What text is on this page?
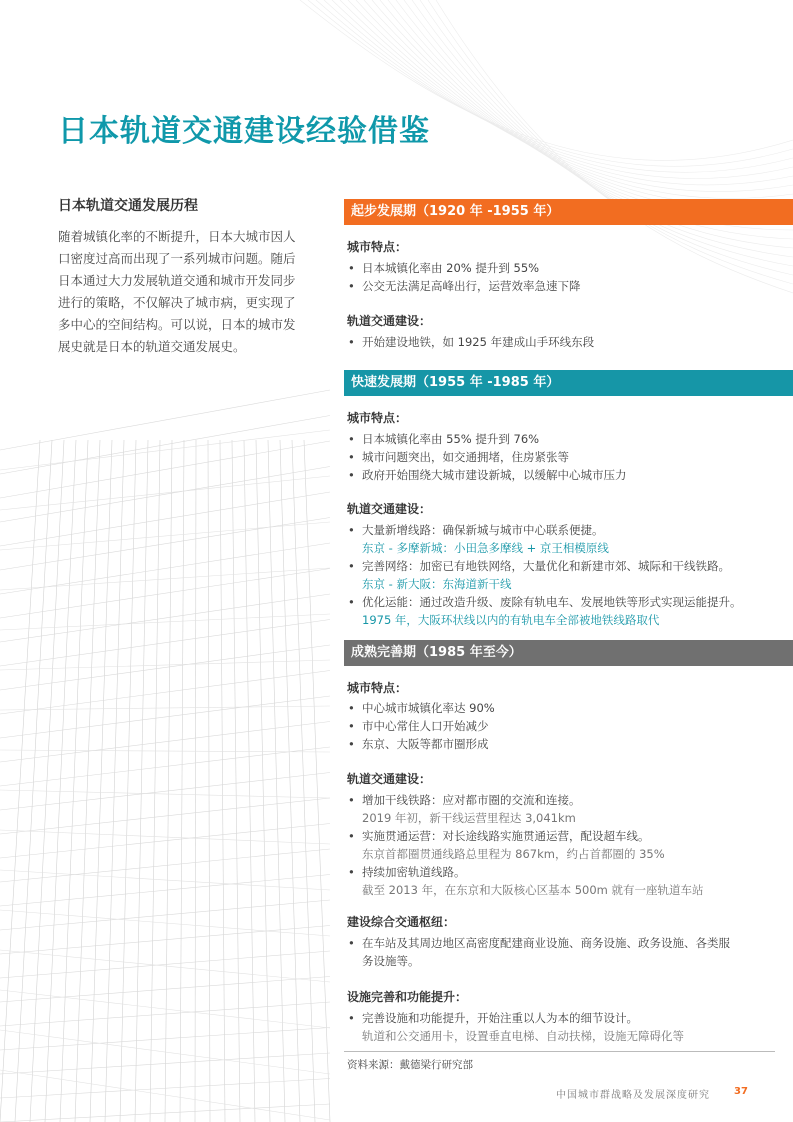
日本轨道交通建设经验借鉴
日本轨道交通发展历程
随着城镇化率的不断提升，日本大城市因人
口密度过高而出现了一系列城市问题。随后
日本通过大力发展轨道交通和城市开发同步
进行的策略，不仅解决了城市病，更实现了
多中心的空间结构。可以说，日本的城市发
展史就是日本的轨道交通发展史。
起步发展期（1920 年 -1955 年）
城市特点：
• 日本城镇化率由 20% 提升到 55%
• 公交无法满足高峰出行，运营效率急速下降
轨道交通建设：
• 开始建设地铁，如 1925 年建成山手环线东段
快速发展期（1955 年 -1985 年）
城市特点：
• 日本城镇化率由 55% 提升到 76%
• 城市问题突出，如交通拥堵，住房紧张等
• 政府开始围绕大城市建设新城，以缓解中心城市压力
轨道交通建设：
• 大量新增线路：确保新城与城市中心联系便捷。
东京 - 多摩新城：小田急多摩线 + 京王相模原线
• 完善网络：加密已有地铁网络，大量优化和新建市郊、城际和干线铁路。
东京 - 新大阪：东海道新干线
• 优化运能：通过改造升级、废除有轨电车、发展地铁等形式实现运能提升。
1975 年，大阪环状线以内的有轨电车全部被地铁线路取代
成熟完善期（1985 年至今）
城市特点：
• 中心城市城镇化率达 90%
• 市中心常住人口开始减少
• 东京、大阪等都市圈形成
轨道交通建设：
• 增加干线铁路：应对都市圈的交流和连接。
2019 年初，新干线运营里程达 3,041km
• 实施贯通运营：对长途线路实施贯通运营，配设超车线。
东京首都圈贯通线路总里程为 867km，约占首都圈的 35%
• 持续加密轨道线路。
截至 2013 年，在东京和大阪核心区基本 500m 就有一座轨道车站
建设综合交通枢纽：
• 在车站及其周边地区高密度配建商业设施、商务设施、政务设施、各类服
务设施等。
设施完善和功能提升：
• 完善设施和功能提升，开始注重以人为本的细节设计。
轨道和公交通用卡，设置垂直电梯、自动扶梯，设施无障碍化等
资料来源：戴德梁行研究部
中国城市群战略及发展深度研究 37
